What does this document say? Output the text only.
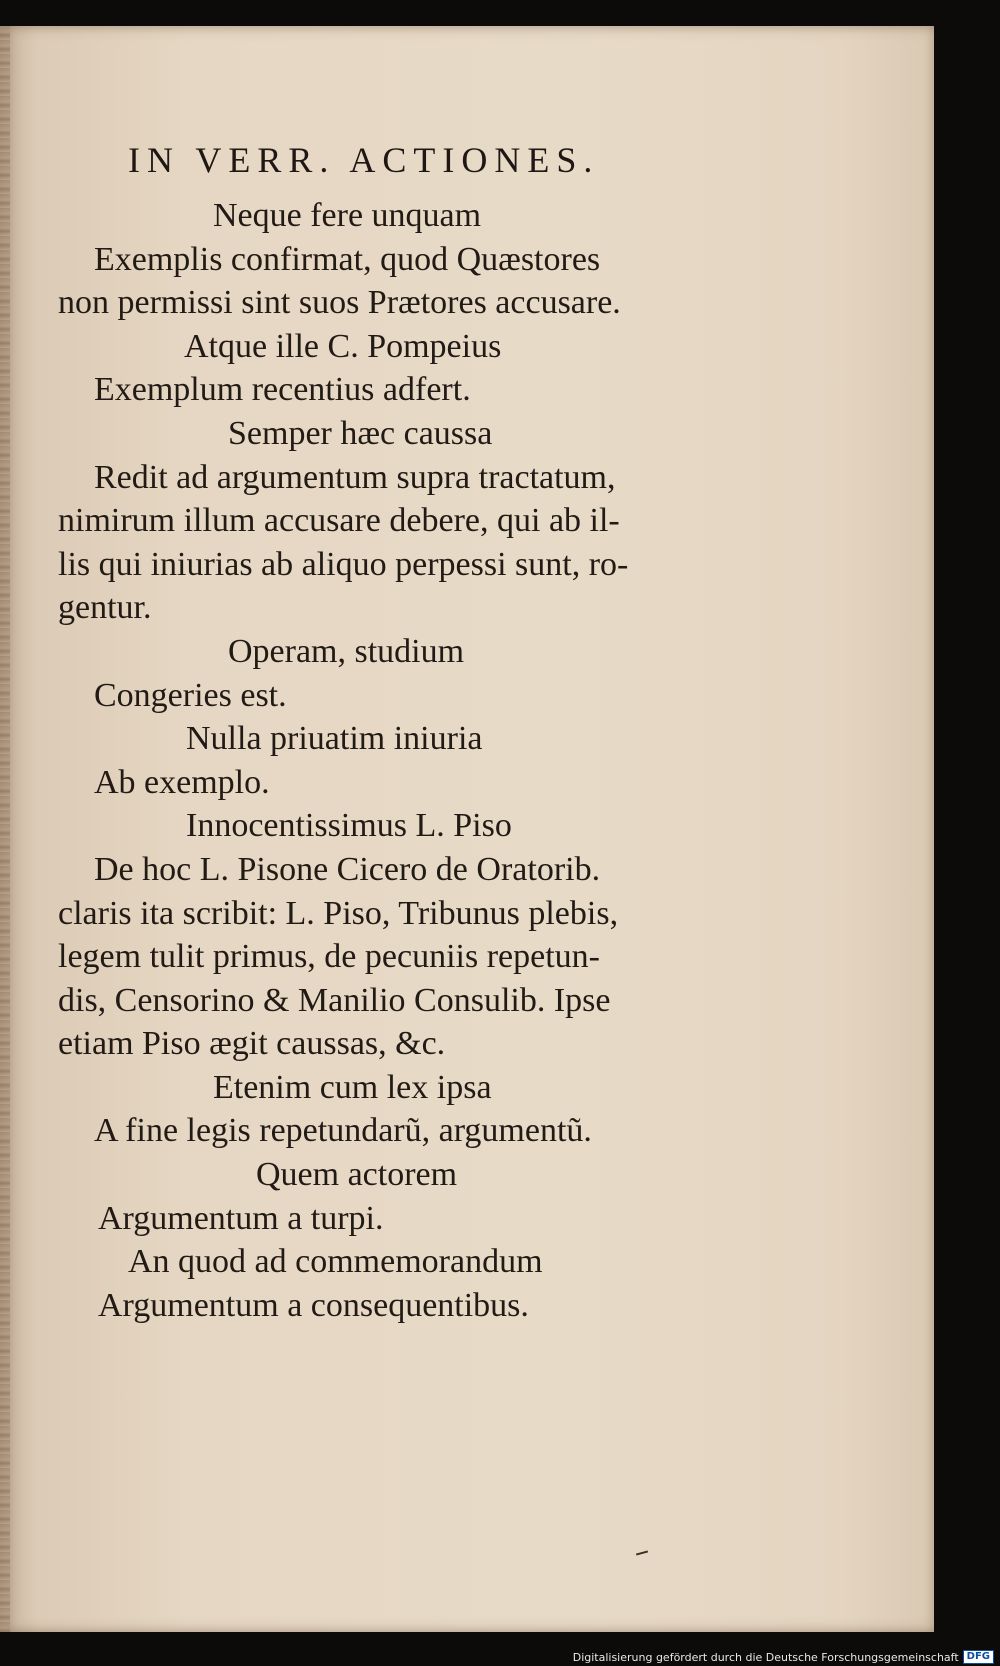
IN VERR. ACTIONES.
Neque fere unquam
Exemplis confirmat, quod Quæstores
non permissi sint suos Prætores accusare.
Atque ille C. Pompeius
Exemplum recentius adfert.
Semper hæc caussa
Redit ad argumentum supra tractatum,
nimirum illum accusare debere, qui ab il-
lis qui iniurias ab aliquo perpessi sunt, ro-
gentur.
Operam, studium
Congeries est.
Nulla priuatim iniuria
Ab exemplo.
Innocentissimus L. Piso
De hoc L. Pisone Cicero de Oratorib.
claris ita scribit: L. Piso, Tribunus plebis,
legem tulit primus, de pecuniis repetun-
dis, Censorino & Manilio Consulib. Ipse
etiam Piso ægit caussas, &c.
Etenim cum lex ipsa
A fine legis repetundarũ, argumentũ.
Quem actorem
Argumentum a turpi.
An quod ad commemorandum
Argumentum a consequentibus.
Digitalisierung gefördert durch die Deutsche Forschungsgemeinschaft DFG
